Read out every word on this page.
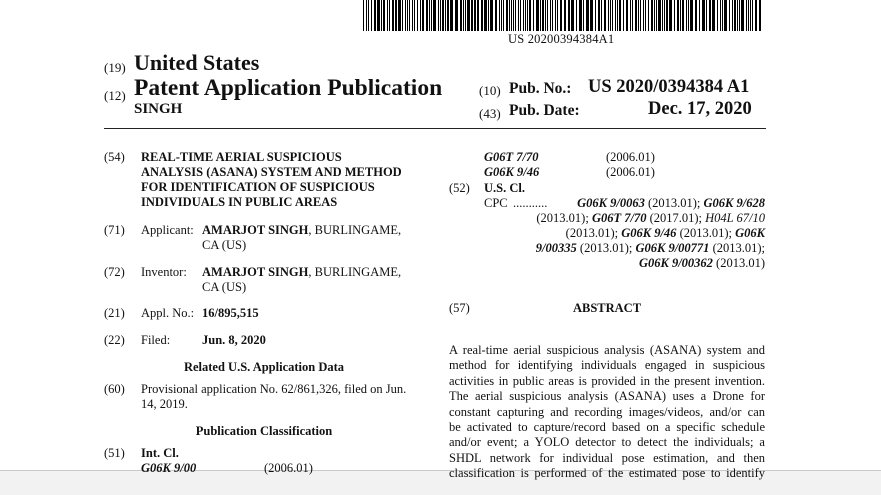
US 20200394384A1
(19) United States
(12) Patent Application Publication
SINGH
(10) Pub. No.: US 2020/0394384 A1
(43) Pub. Date:	Dec. 17, 2020
(54) REAL-TIME AERIAL SUSPICIOUS
ANALYSIS (ASANA) SYSTEM AND METHOD
FOR IDENTIFICATION OF SUSPICIOUS
INDIVIDUALS IN PUBLIC AREAS
(71) Applicant: AMARJOT SINGH, BURLINGAME,
CA (US)
(72) Inventor: AMARJOT SINGH, BURLINGAME,
CA (US)
(21) Appl. No.: 16/895,515
(22) Filed:	Jun. 8, 2020
Related U.S. Application Data
(60) Provisional application No. 62/861,326, filed on Jun.
14, 2019.
Publication Classification
(51) Int. Cl.
G06K 9/00	(2006.01)
G06T 7/70	(2006.01)
G06K 9/46	(2006.01)
(52) U.S. Cl.
CPC ........... G06K 9/0063 (2013.01); G06K 9/628
(2013.01); G06T 7/70 (2017.01); H04L 67/10
(2013.01); G06K 9/46 (2013.01); G06K
9/00335 (2013.01); G06K 9/00771 (2013.01);
G06K 9/00362 (2013.01)
(57)	ABSTRACT
A real-time aerial suspicious analysis (ASANA) system and
method for identifying individuals engaged in suspicious
activities in public areas is provided in the present invention.
The aerial suspicious analysis (ASANA) uses a Drone for
constant capturing and recording images/videos, and/or can
be activated to capture/record based on a specific schedule
and/or event; a YOLO detector to detect the individuals; a
SHDL network for individual pose estimation, and then
classification is performed of the estimated pose to identify
